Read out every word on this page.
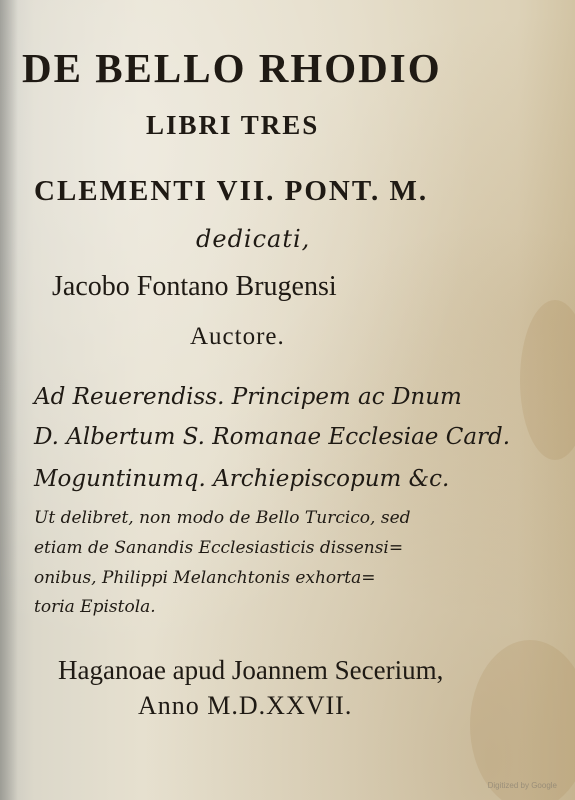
DE BELLO RHODIO
LIBRI TRES
CLEMENTI VII. PONT. M.
dedicati,
Jacobo Fontano Brugensi
Auctore.
Ad Reuerendiss. Principem ac Dnum
D. Albertum S. Romanae Ecclesiae Card.
Moguntinumq. Archiepiscopum &c.
Ut delibret, non modo de Bello Turcico, sed
etiam de Sanandis Ecclesiasticis dissensi=
onibus, Philippi Melanchtonis exhorta=
toria Epistola.
Haganoae apud Joannem Secerium,
Anno M.D.XXVII.
Digitized by Google
